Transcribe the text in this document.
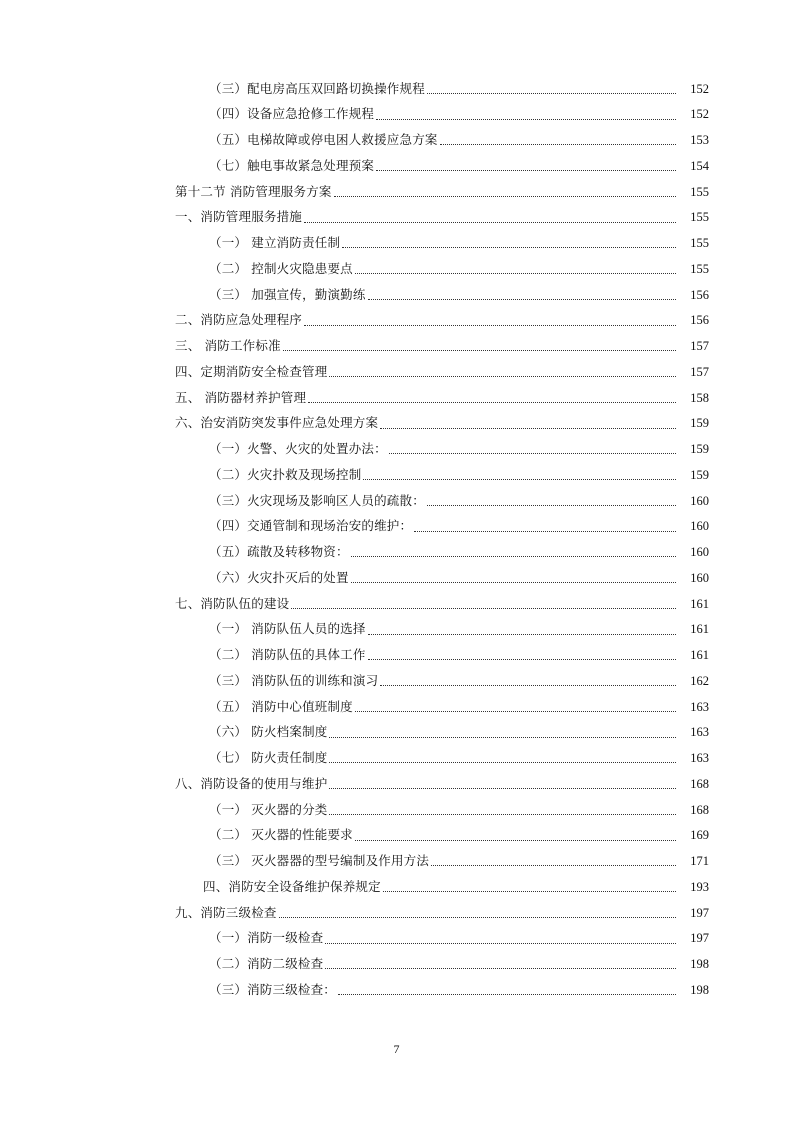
（三）配电房高压双回路切换操作规程	152
（四）设备应急抢修工作规程	152
（五）电梯故障或停电困人救援应急方案	153
（七）触电事故紧急处理预案	154
第十二节 消防管理服务方案	155
一、消防管理服务措施	155
（一） 建立消防责任制	155
（二） 控制火灾隐患要点	155
（三） 加强宣传，勤演勤练	156
二、消防应急处理程序	156
三、 消防工作标准	157
四、定期消防安全检查管理	157
五、 消防器材养护管理	158
六、治安消防突发事件应急处理方案	159
（一）火警、火灾的处置办法：	159
（二）火灾扑救及现场控制	159
（三）火灾现场及影响区人员的疏散：	160
（四）交通管制和现场治安的维护：	160
（五）疏散及转移物资：	160
（六）火灾扑灭后的处置	160
七、消防队伍的建设	161
（一） 消防队伍人员的选择	161
（二） 消防队伍的具体工作	161
（三） 消防队伍的训练和演习	162
（五） 消防中心值班制度	163
（六） 防火档案制度	163
（七） 防火责任制度	163
八、消防设备的使用与维护	168
（一） 灭火器的分类	168
（二） 灭火器的性能要求	169
（三） 灭火器器的型号编制及作用方法	171
四、消防安全设备维护保养规定	193
九、消防三级检查	197
（一）消防一级检查	197
（二）消防二级检查	198
（三）消防三级检查：	198
7
